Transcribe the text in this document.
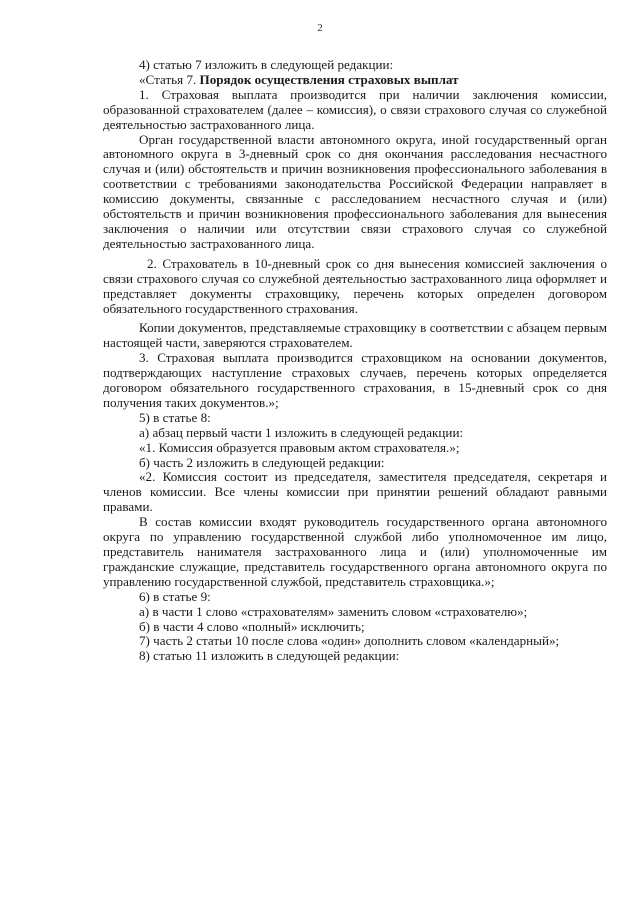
2

4) статью 7 изложить в следующей редакции:

«Статья 7. Порядок осуществления страховых выплат

1. Страховая выплата производится при наличии заключения комиссии, образованной страхователем (далее – комиссия), о связи страхового случая со служебной деятельностью застрахованного лица.

Орган государственной власти автономного округа, иной государственный орган автономного округа в 3-дневный срок со дня окончания расследования несчастного случая и (или) обстоятельств и причин возникновения профессионального заболевания в соответствии с требованиями законодательства Российской Федерации направляет в комиссию документы, связанные с расследованием несчастного случая и (или) обстоятельств и причин возникновения профессионального заболевания для вынесения заключения о наличии или отсутствии связи страхового случая со служебной деятельностью застрахованного лица.

2. Страхователь в 10-дневный срок со дня вынесения комиссией заключения о связи страхового случая со служебной деятельностью застрахованного лица оформляет и представляет документы страховщику, перечень которых определен договором обязательного государственного страхования.

Копии документов, представляемые страховщику в соответствии с абзацем первым настоящей части, заверяются страхователем.

3. Страховая выплата производится страховщиком на основании документов, подтверждающих наступление страховых случаев, перечень которых определяется договором обязательного государственного страхования, в 15-дневный срок со дня получения таких документов.»;

5) в статье 8:

а) абзац первый части 1 изложить в следующей редакции:

«1. Комиссия образуется правовым актом страхователя.»;

б) часть 2 изложить в следующей редакции:

«2. Комиссия состоит из председателя, заместителя председателя, секретаря и членов комиссии. Все члены комиссии при принятии решений обладают равными правами.

В состав комиссии входят руководитель государственного органа автономного округа по управлению государственной службой либо уполномоченное им лицо, представитель нанимателя застрахованного лица и (или) уполномоченные им гражданские служащие, представитель государственного органа автономного округа по управлению государственной службой, представитель страховщика.»;

6) в статье 9:

а) в части 1 слово «страхователям» заменить словом «страхователю»;

б) в части 4 слово «полный» исключить;

7) часть 2 статьи 10 после слова «один» дополнить словом «календарный»;

8) статью 11 изложить в следующей редакции:
